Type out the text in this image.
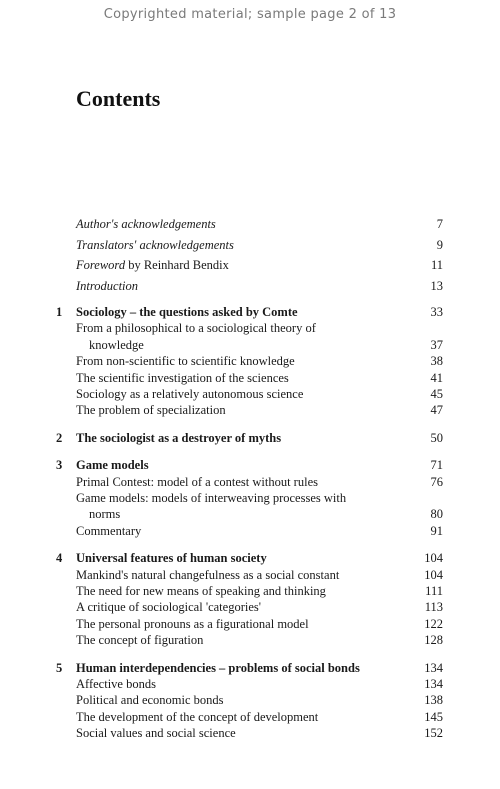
Copyrighted material; sample page 2 of 13
Contents
Author's acknowledgements	7
Translators' acknowledgements	9
Foreword by Reinhard Bendix	11
Introduction	13
1 Sociology – the questions asked by Comte	33
From a philosophical to a sociological theory of
knowledge	37
From non-scientific to scientific knowledge	38
The scientific investigation of the sciences	41
Sociology as a relatively autonomous science	45
The problem of specialization	47
2 The sociologist as a destroyer of myths	50
3 Game models	71
Primal Contest: model of a contest without rules	76
Game models: models of interweaving processes with
norms	80
Commentary	91
4 Universal features of human society	104
Mankind's natural changefulness as a social constant	104
The need for new means of speaking and thinking	111
A critique of sociological 'categories'	113
The personal pronouns as a figurational model	122
The concept of figuration	128
5 Human interdependencies – problems of social bonds	134
Affective bonds	134
Political and economic bonds	138
The development of the concept of development	145
Social values and social science	152
